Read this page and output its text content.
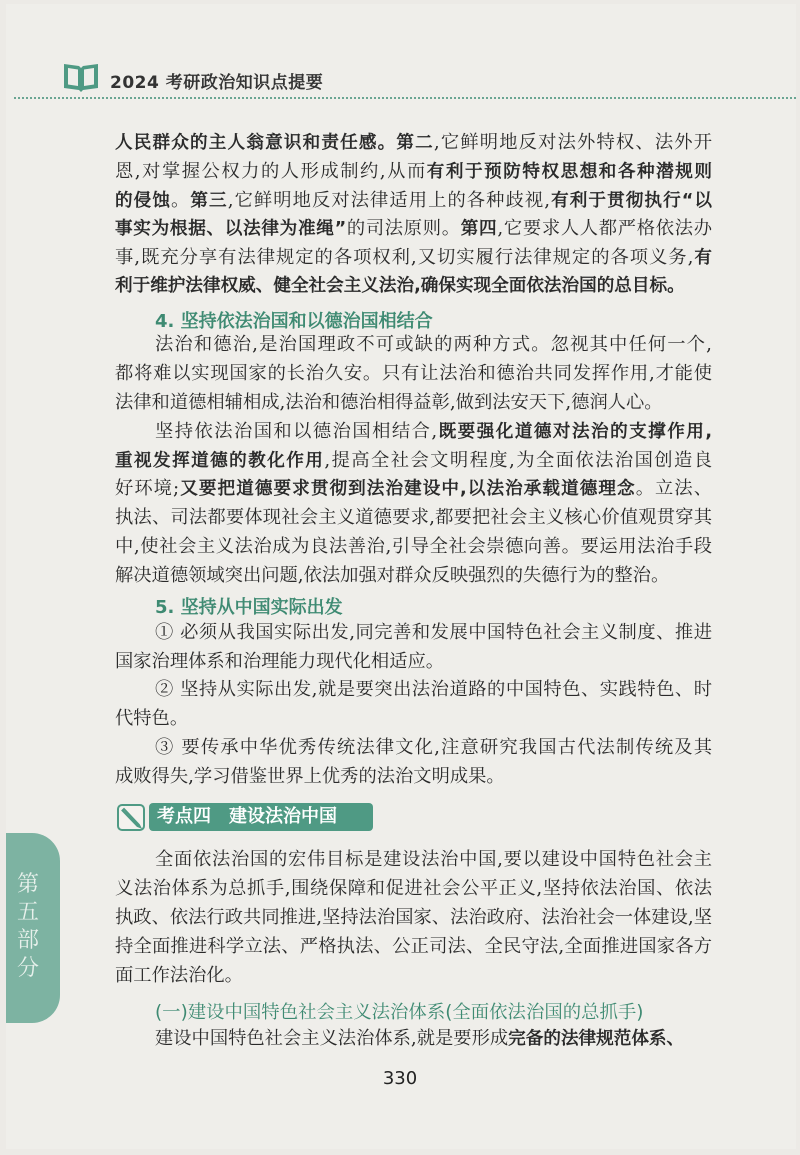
2024 考研政治知识点提要
人民群众的主人翁意识和责任感。第二,它鲜明地反对法外特权、法外开
恩,对掌握公权力的人形成制约,从而有利于预防特权思想和各种潜规则
的侵蚀。第三,它鲜明地反对法律适用上的各种歧视,有利于贯彻执行“以
事实为根据、以法律为准绳”的司法原则。第四,它要求人人都严格依法办
事,既充分享有法律规定的各项权利,又切实履行法律规定的各项义务,有
利于维护法律权威、健全社会主义法治,确保实现全面依法治国的总目标。
4. 坚持依法治国和以德治国相结合
法治和德治,是治国理政不可或缺的两种方式。忽视其中任何一个,
都将难以实现国家的长治久安。只有让法治和德治共同发挥作用,才能使
法律和道德相辅相成,法治和德治相得益彰,做到法安天下,德润人心。
坚持依法治国和以德治国相结合,既要强化道德对法治的支撑作用,
重视发挥道德的教化作用,提高全社会文明程度,为全面依法治国创造良
好环境;又要把道德要求贯彻到法治建设中,以法治承载道德理念。立法、
执法、司法都要体现社会主义道德要求,都要把社会主义核心价值观贯穿其
中,使社会主义法治成为良法善治,引导全社会崇德向善。要运用法治手段
解决道德领域突出问题,依法加强对群众反映强烈的失德行为的整治。
5. 坚持从中国实际出发
① 必须从我国实际出发,同完善和发展中国特色社会主义制度、推进
国家治理体系和治理能力现代化相适应。
② 坚持从实际出发,就是要突出法治道路的中国特色、实践特色、时
代特色。
③ 要传承中华优秀传统法律文化,注意研究我国古代法制传统及其
成败得失,学习借鉴世界上优秀的法治文明成果。
考点四　建设法治中国
全面依法治国的宏伟目标是建设法治中国,要以建设中国特色社会主
义法治体系为总抓手,围绕保障和促进社会公平正义,坚持依法治国、依法
执政、依法行政共同推进,坚持法治国家、法治政府、法治社会一体建设,坚
持全面推进科学立法、严格执法、公正司法、全民守法,全面推进国家各方
面工作法治化。
(一)建设中国特色社会主义法治体系(全面依法治国的总抓手)
建设中国特色社会主义法治体系,就是要形成完备的法律规范体系、
第五部分
330
